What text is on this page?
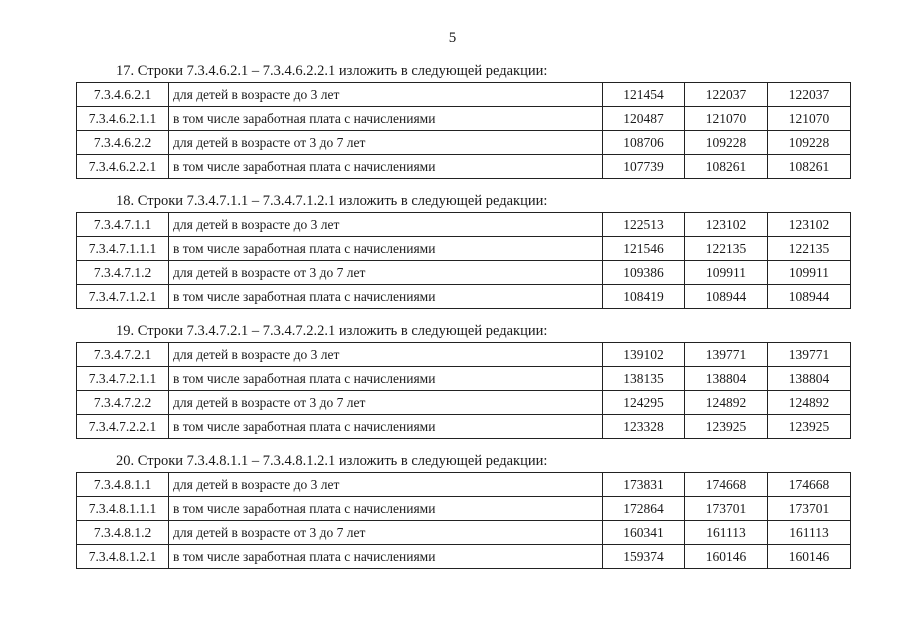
5
17. Строки 7.3.4.6.2.1 – 7.3.4.6.2.2.1 изложить в следующей редакции:
7.3.4.6.2.1	для детей в возрасте до 3 лет	121454	122037	122037
7.3.4.6.2.1.1	в том числе заработная плата с начислениями	120487	121070	121070
7.3.4.6.2.2	для детей в возрасте от 3 до 7 лет	108706	109228	109228
7.3.4.6.2.2.1	в том числе заработная плата с начислениями	107739	108261	108261
18. Строки 7.3.4.7.1.1 – 7.3.4.7.1.2.1 изложить в следующей редакции:
7.3.4.7.1.1	для детей в возрасте до 3 лет	122513	123102	123102
7.3.4.7.1.1.1	в том числе заработная плата с начислениями	121546	122135	122135
7.3.4.7.1.2	для детей в возрасте от 3 до 7 лет	109386	109911	109911
7.3.4.7.1.2.1	в том числе заработная плата с начислениями	108419	108944	108944
19. Строки 7.3.4.7.2.1 – 7.3.4.7.2.2.1 изложить в следующей редакции:
7.3.4.7.2.1	для детей в возрасте до 3 лет	139102	139771	139771
7.3.4.7.2.1.1	в том числе заработная плата с начислениями	138135	138804	138804
7.3.4.7.2.2	для детей в возрасте от 3 до 7 лет	124295	124892	124892
7.3.4.7.2.2.1	в том числе заработная плата с начислениями	123328	123925	123925
20. Строки 7.3.4.8.1.1 – 7.3.4.8.1.2.1 изложить в следующей редакции:
7.3.4.8.1.1	для детей в возрасте до 3 лет	173831	174668	174668
7.3.4.8.1.1.1	в том числе заработная плата с начислениями	172864	173701	173701
7.3.4.8.1.2	для детей в возрасте от 3 до 7 лет	160341	161113	161113
7.3.4.8.1.2.1	в том числе заработная плата с начислениями	159374	160146	160146
